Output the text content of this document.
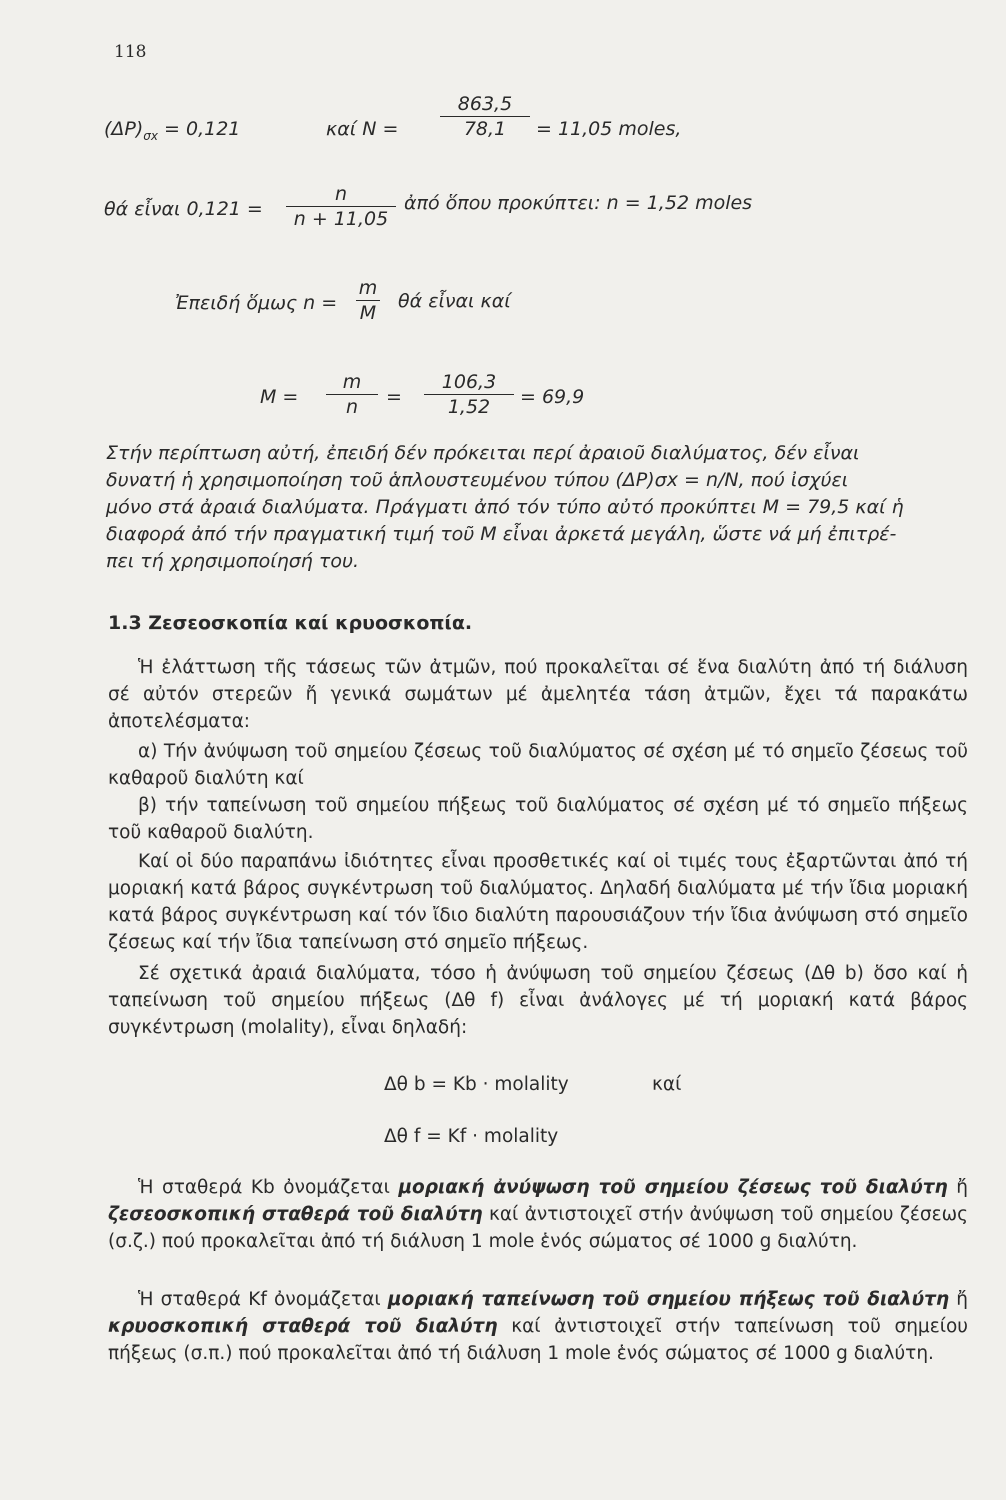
118
$(\Delta P)_{\sigma x} = 0,121$	καί N =
863,5
78,1 = 11,05 moles,
θά εἶναι 0,121 =
n
n + 11,05
ἀπό ὅπου προκύπτει: n = 1,52 moles
Ἐπειδή ὅμως n =
m
M
θά εἶναι καί
M =
m
n =
106,3
1,52 = 69,9
Στήν περίπτωση αὐτή, ἐπειδή δέν πρόκειται περί ἀραιοῦ διαλύματος, δέν εἶναι
δυνατή ἡ χρησιμοποίηση τοῦ ἁπλουστευμένου τύπου (ΔP)σx = n/N, πού ἰσχύει
μόνο στά ἀραιά διαλύματα. Πράγματι ἀπό τόν τύπο αὐτό προκύπτει M = 79,5 καί ἡ
διαφορά ἀπό τήν πραγματική τιμή τοῦ M εἶναι ἀρκετά μεγάλη, ὥστε νά μή ἐπιτρέ-
πει τή χρησιμοποίησή του.
1.3 Ζεσεοσκοπία καί κρυοσκοπία.
Ἡ ἐλάττωση τῆς τάσεως τῶν ἀτμῶν, πού προκαλεῖται σέ ἕνα διαλύτη ἀπό τή διάλυση σέ αὐτόν στερεῶν ἤ γενικά σωμάτων μέ ἀμελητέα τάση ἀτμῶν, ἔχει τά παρακάτω ἀποτελέσματα:
α) Τήν ἀνύψωση τοῦ σημείου ζέσεως τοῦ διαλύματος σέ σχέση μέ τό σημεῖο ζέσεως τοῦ καθαροῦ διαλύτη καί
β) τήν ταπείνωση τοῦ σημείου πήξεως τοῦ διαλύματος σέ σχέση μέ τό σημεῖο πήξεως τοῦ καθαροῦ διαλύτη.
Καί οἱ δύο παραπάνω ἰδιότητες εἶναι προσθετικές καί οἱ τιμές τους ἐξαρτῶνται ἀπό τή μοριακή κατά βάρος συγκέντρωση τοῦ διαλύματος. Δηλαδή διαλύματα μέ τήν ἴδια μοριακή κατά βάρος συγκέντρωση καί τόν ἴδιο διαλύτη παρουσιάζουν τήν ἴδια ἀνύψωση στό σημεῖο ζέσεως καί τήν ἴδια ταπείνωση στό σημεῖο πήξεως.
Σέ σχετικά ἀραιά διαλύματα, τόσο ἡ ἀνύψωση τοῦ σημείου ζέσεως (Δθ b) ὅσο καί ἡ ταπείνωση τοῦ σημείου πήξεως (Δθ f) εἶναι ἀνάλογες μέ τή μοριακή κατά βάρος συγκέντρωση (molality), εἶναι δηλαδή:
Δθ b = Kb · molality	καί
Δθ f = Kf · molality
Ἡ σταθερά Kb ὀνομάζεται μοριακή ἀνύψωση τοῦ σημείου ζέσεως τοῦ διαλύτη ἤ ζεσεοσκοπική σταθερά τοῦ διαλύτη καί ἀντιστοιχεῖ στήν ἀνύψωση τοῦ σημείου ζέσεως (σ.ζ.) πού προκαλεῖται ἀπό τή διάλυση 1 mole ἑνός σώματος σέ 1000 g διαλύτη.
Ἡ σταθερά Kf ὀνομάζεται μοριακή ταπείνωση τοῦ σημείου πήξεως τοῦ διαλύτη ἤ κρυοσκοπική σταθερά τοῦ διαλύτη καί ἀντιστοιχεῖ στήν ταπείνωση τοῦ σημείου πήξεως (σ.π.) πού προκαλεῖται ἀπό τή διάλυση 1 mole ἑνός σώματος σέ 1000 g διαλύτη.
